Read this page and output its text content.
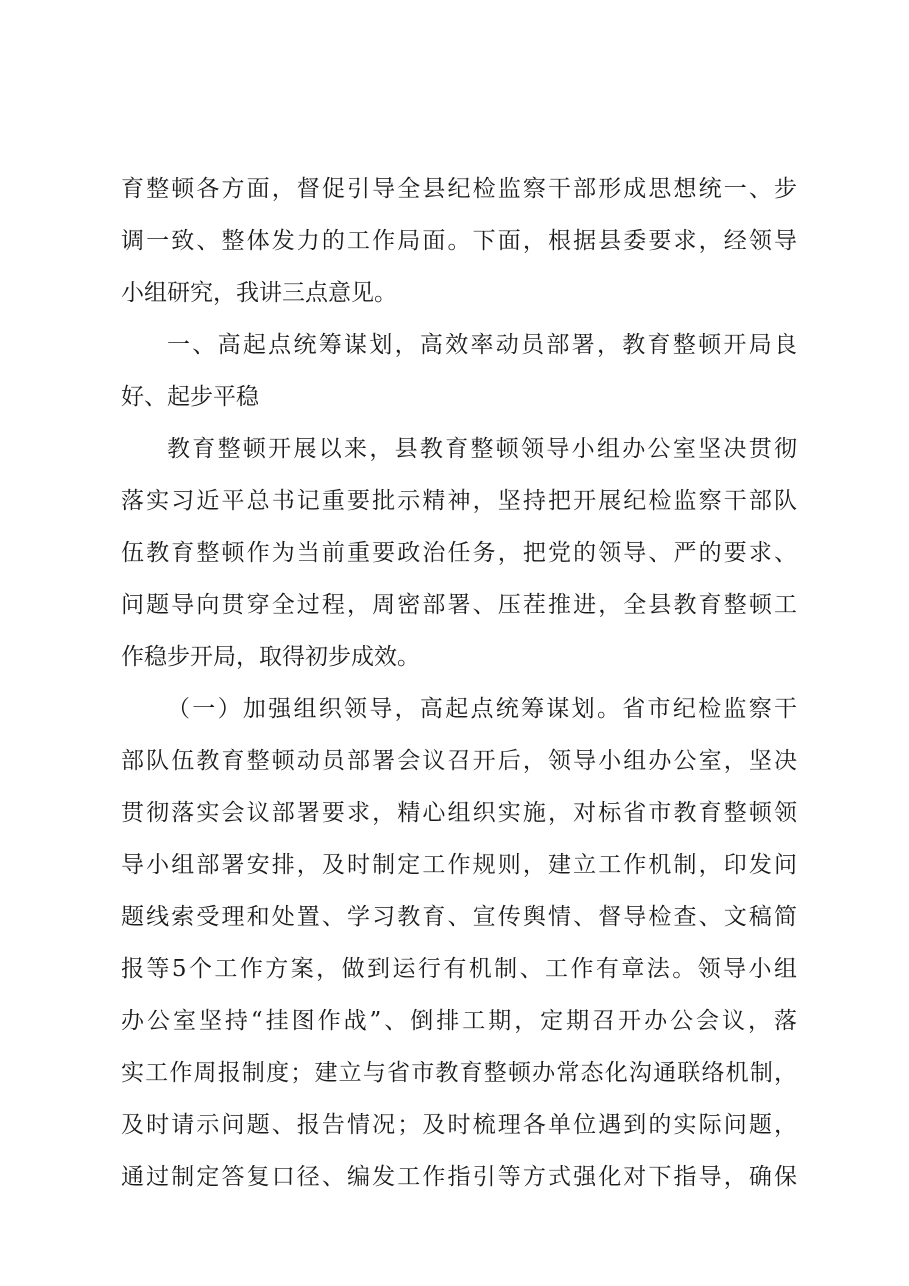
育整顿各方面，督促引导全县纪检监察干部形成思想统一、步
调一致、整体发力的工作局面。下面，根据县委要求，经领导
小组研究，我讲三点意见。
一、高起点统筹谋划，高效率动员部署，教育整顿开局良
好、起步平稳
教育整顿开展以来，县教育整顿领导小组办公室坚决贯彻
落实习近平总书记重要批示精神，坚持把开展纪检监察干部队
伍教育整顿作为当前重要政治任务，把党的领导、严的要求、
问题导向贯穿全过程，周密部署、压茬推进，全县教育整顿工
作稳步开局，取得初步成效。
（一）加强组织领导，高起点统筹谋划。省市纪检监察干
部队伍教育整顿动员部署会议召开后，领导小组办公室，坚决
贯彻落实会议部署要求，精心组织实施，对标省市教育整顿领
导小组部署安排，及时制定工作规则，建立工作机制，印发问
题线索受理和处置、学习教育、宣传舆情、督导检查、文稿简
报等5个工作方案，做到运行有机制、工作有章法。领导小组
办公室坚持“挂图作战”、倒排工期，定期召开办公会议，落
实工作周报制度；建立与省市教育整顿办常态化沟通联络机制，
及时请示问题、报告情况；及时梳理各单位遇到的实际问题，
通过制定答复口径、编发工作指引等方式强化对下指导，确保
